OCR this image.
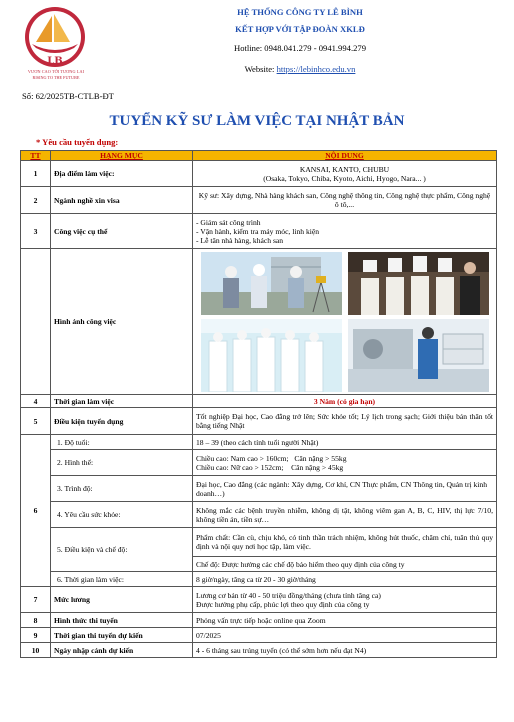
LB
VƯƠN CAO TỚI TƯƠNG LAI
RISING TO THE FUTURE
HỆ THỐNG CÔNG TY LÊ BÌNH
KẾT HỢP VỚI TẬP ĐOÀN XKLĐ
Hotline: 0948.041.279 - 0941.994.279
Website: https://lebinhco.edu.vn
Số: 62/2025TB-CTLB-ĐT
TUYỂN KỸ SƯ LÀM VIỆC TẠI NHẬT BẢN
* Yêu cầu tuyển dụng:
TT	HẠNG MỤC	NỘI DUNG
1	Địa điểm làm việc:	KANSAI, KANTO, CHUBU
(Osaka, Tokyo, Chiba, Kyoto, Aichi, Hyogo, Nara... )

2	Ngành nghề xin visa	Kỹ sư: Xây dựng, Nhà hàng khách san, Công nghệ thông tin, Công nghệ thực phẩm, Công nghệ ô tô,...
3	Công việc cụ thể	- Giám sát công trình
- Vận hành, kiểm tra máy móc, linh kiện
- Lễ tân nhà hàng, khách san

	Hình ảnh công việc	

4	Thời gian làm việc	3 Năm (có gia hạn)
5	Điều kiện tuyển dụng	Tốt nghiệp Đại học, Cao đẳng trở lên; Sức khỏe tốt; Lý lịch trong sạch; Giới thiệu bản thân tốt bằng tiếng Nhật
6	1. Độ tuổi:	18 – 39 (theo cách tính tuổi người Nhật)
	2. Hình thể:	Chiều cao: Nam cao > 160cm;   Cân nặng > 55kg
Chiều cao: Nữ cao > 152cm;    Cân nặng > 45kg

	3. Trình độ:	Đại học, Cao đẳng (các ngành: Xây dựng, Cơ khí, CN Thực phẩm, CN Thông tin, Quản trị kinh doanh…)
	4. Yêu cầu sức khỏe:	Không mắc các bệnh truyền nhiễm, không dị tật, không viêm gan A, B, C, HIV, thị lực 7/10, không tiền án, tiền sự…
	5. Điều kiện và chế độ:	Phẩm chất: Cần cù, chịu khó, có tinh thần trách nhiệm, không hút thuốc, chăm chỉ, tuân thủ quy định và nội quy nơi học tập, làm việc.
		Chế độ: Được hưởng các chế độ bảo hiểm theo quy định của công ty
	6. Thời gian làm việc:	8 giờ/ngày, tăng ca từ 20 - 30 giờ/tháng
7	Mức lương	Lương cơ bản từ 40 - 50 triệu đồng/tháng (chưa tính tăng ca)
Được hưởng phụ cấp, phúc lợi theo quy định của công ty

8	Hình thức thi tuyển	Phỏng vấn trực tiếp hoặc online qua Zoom
9	Thời gian thi tuyển dự kiến	07/2025
10	Ngày nhập cảnh dự kiến	4 - 6 tháng sau trúng tuyển (có thể sớm hơn nếu đạt N4)
